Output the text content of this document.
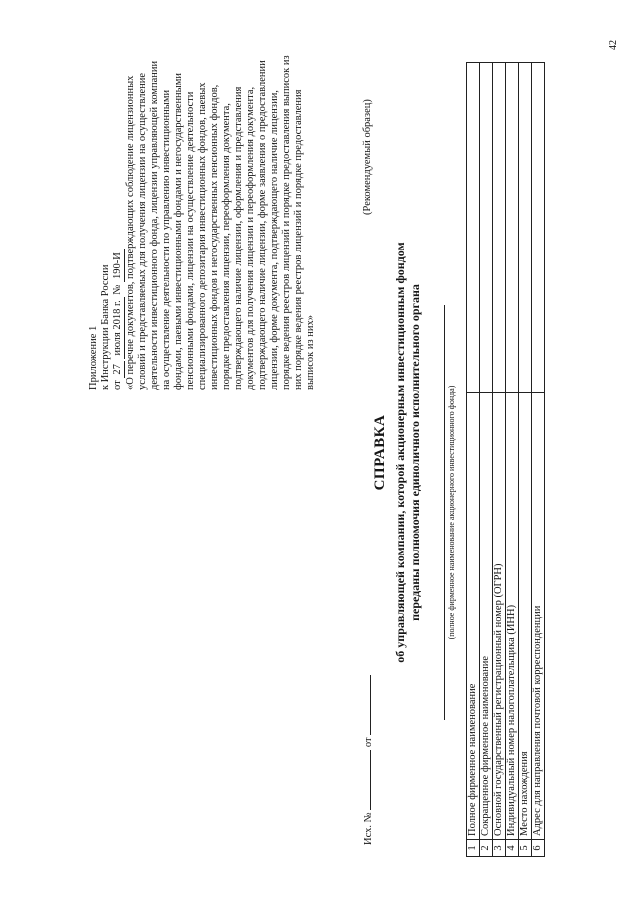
Приложение 1 к Инструкции Банка России от 27 июля 2018 г. № 190-И «О перечне документов, подтверждающих соблюдение лицензионных условий и представляемых для получения лицензии на осуществление деятельности инвестиционного фонда, лицензии управляющей компании на осуществление деятельности по управлению инвестиционными фондами, паевыми инвестиционными фондами и негосударственными пенсионными фондами, лицензии на осуществление деятельности специализированного депозитария инвестиционных фондов, паевых инвестиционных фондов и негосударственных пенсионных фондов, порядке предоставления лицензии, переоформления документа, подтверждающего наличие лицензии, оформления и представления документов для получения лицензии и переоформления документа, подтверждающего наличие лицензии, форме заявления о предоставлении лицензии, форме документа, подтверждающего наличие лицензии, порядке ведения реестров лицензий и порядке предоставления выписок из них порядке ведения реестров лицензий и порядке предоставления выписок из них»
(Рекомендуемый образец)
Исх. №  от
СПРАВКА об управляющей компании, которой акционерным инвестиционным фондом переданы полномочия единоличного исполнительного органа	(полное фирменное наименование акционерного инвестиционного фонда)
1	Полное фирменное наименование	
2	Сокращенное фирменное наименование	
3	Основной государственный регистрационный номер (ОГРН)	
4	Индивидуальный номер налогоплательщика (ИНН)	
5	Место нахождения	
6	Адрес для направления почтовой корреспонденции	
42
